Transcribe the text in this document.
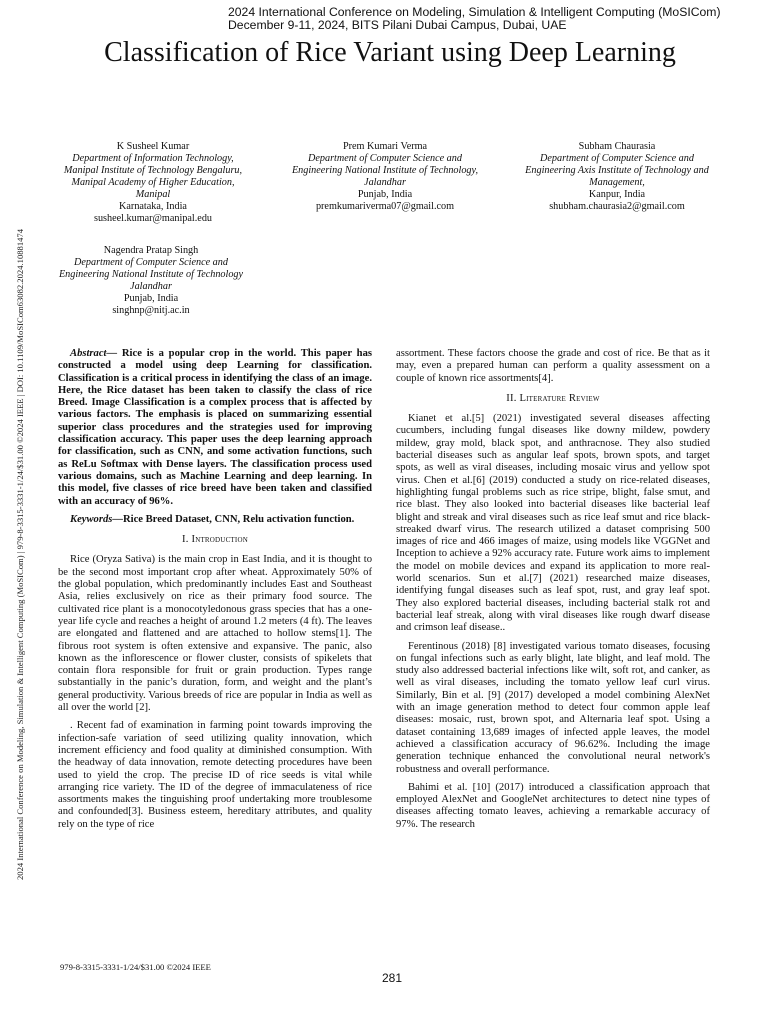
2024 International Conference on Modeling, Simulation & Intelligent Computing (MoSICom)
December 9-11, 2024, BITS Pilani Dubai Campus, Dubai, UAE
Classification of Rice Variant using Deep Learning
2024 International Conference on Modeling, Simulation & Intelligent Computing (MoSICom) | 979-8-3315-3331-1/24/$31.00 ©2024 IEEE | DOI: 10.1109/MoSICom63082.2024.10881474
K Susheel Kumar
Department of Information Technology, Manipal Institute of Technology Bengaluru, Manipal Academy of Higher Education, Manipal
Karnataka, India
susheel.kumar@manipal.edu
Prem Kumari Verma
Department of Computer Science and Engineering National Institute of Technology, Jalandhar
Punjab, India
premkumariverma07@gmail.com
Subham Chaurasia
Department of Computer Science and Engineering Axis Institute of Technology and Management,
Kanpur, India
shubham.chaurasia2@gmail.com
Nagendra Pratap Singh
Department of Computer Science and Engineering National Institute of Technology Jalandhar
Punjab, India
singhnp@nitj.ac.in

Abstract— Rice is a popular crop in the world. This paper has constructed a model using deep Learning for classification. Classification is a critical process in identifying the class of an image. Here, the Rice dataset has been taken to classify the class of rice Breed. Image Classification is a complex process that is affected by various factors. The emphasis is placed on summarizing essential superior class procedures and the strategies used for improving classification accuracy. This paper uses the deep learning approach for classification, such as CNN, and some activation functions, such as ReLu Softmax with Dense layers. The classification process used various domains, such as Machine Learning and deep learning. In this model, five classes of rice breed have been taken and classified with an accuracy of 96%.

Keywords—Rice Breed Dataset, CNN, Relu activation function.

I. Introduction

Rice (Oryza Sativa) is the main crop in East India, and it is thought to be the second most important crop after wheat. Approximately 50% of the global population, which predominantly includes East and Southeast Asia, relies exclusively on rice as their primary food source. The cultivated rice plant is a monocotyledonous grass species that has a one-year life cycle and reaches a height of around 1.2 meters (4 ft). The leaves are elongated and flattened and are attached to hollow stems[1]. The fibrous root system is often extensive and expansive. The panic, also known as the inflorescence or flower cluster, consists of spikelets that contain flora responsible for fruit or grain production. Types range substantially in the panic’s duration, form, and weight and the plant’s general productivity. Various breeds of rice are popular in India as well as all over the world [2].

. Recent fad of examination in farming point towards improving the infection-safe variation of seed utilizing quality innovation, which increment efficiency and food quality at diminished consumption. With the headway of data innovation, remote detecting procedures have been used to yield the crop. The precise ID of rice seeds is vital while arranging rice variety. The ID of the degree of immaculateness of rice assortments makes the tinguishing proof undertaking more troublesome and confounded[3]. Business esteem, hereditary attributes, and quality rely on the type of rice

assortment. These factors choose the grade and cost of rice. Be that as it may, even a prepared human can perform a quality assessment on a couple of known rice assortments[4].

II. Literature Review

Kianet et al.[5] (2021) investigated several diseases affecting cucumbers, including fungal diseases like downy mildew, powdery mildew, gray mold, black spot, and anthracnose. They also studied bacterial diseases such as angular leaf spots, brown spots, and target spots, as well as viral diseases, including mosaic virus and yellow spot virus. Chen et al.[6] (2019) conducted a study on rice-related diseases, highlighting fungal problems such as rice stripe, blight, false smut, and rice blast. They also looked into bacterial diseases like bacterial leaf blight and streak and viral diseases such as rice leaf smut and rice black-streaked dwarf virus. The research utilized a dataset comprising 500 images of rice and 466 images of maize, using models like VGGNet and Inception to achieve a 92% accuracy rate. Future work aims to implement the model on mobile devices and expand its application to more real-world scenarios. Sun et al.[7] (2021) researched maize diseases, identifying fungal diseases such as leaf spot, rust, and gray leaf spot. They also explored bacterial diseases, including bacterial stalk rot and bacterial leaf streak, along with viral diseases like rough dwarf disease and crimson leaf disease..

Ferentinous (2018) [8] investigated various tomato diseases, focusing on fungal infections such as early blight, late blight, and leaf mold. The study also addressed bacterial infections like wilt, soft rot, and canker, as well as viral diseases, including the tomato yellow leaf curl virus. Similarly, Bin et al. [9] (2017) developed a model combining AlexNet with an image generation method to detect four common apple leaf diseases: mosaic, rust, brown spot, and Alternaria leaf spot. Using a dataset containing 13,689 images of infected apple leaves, the model achieved a classification accuracy of 96.62%. Including the image generation technique enhanced the convolutional neural network's robustness and overall performance.

Bahimi et al. [10] (2017) introduced a classification approach that employed AlexNet and GoogleNet architectures to detect nine types of diseases affecting tomato leaves, achieving a remarkable accuracy of 97%. The research

979-8-3315-3331-1/24/$31.00 ©2024 IEEE
281
